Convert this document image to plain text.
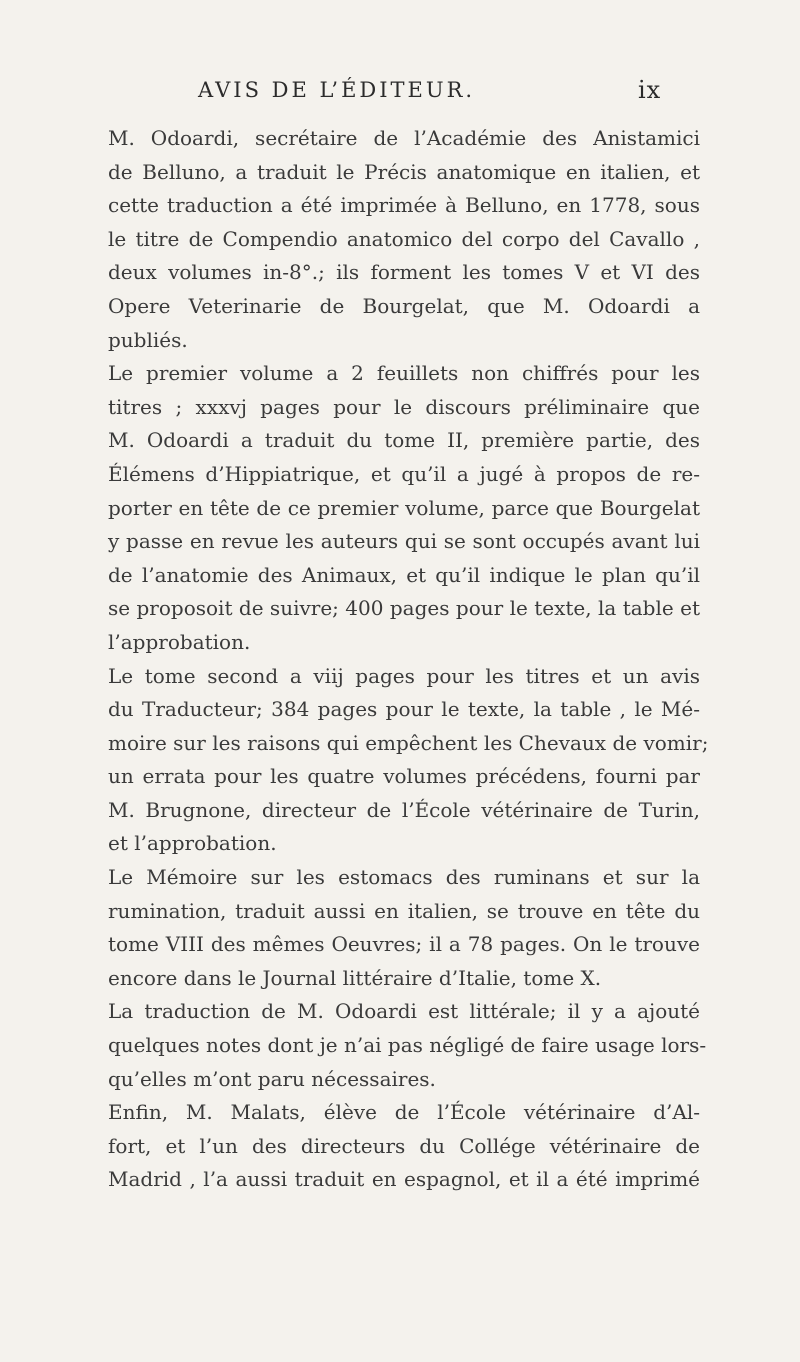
AVIS DE L’ÉDITEUR.	ix

M. Odoardi, secrétaire de l’Académie des Anistamici
de Belluno, a traduit le Précis anatomique en italien, et
cette traduction a été imprimée à Belluno, en 1778, sous
le titre de Compendio anatomico del corpo del Cavallo ,
deux volumes in-8°.; ils forment les tomes V et VI des
Opere Veterinarie de Bourgelat, que M. Odoardi a
publiés.

Le premier volume a 2 feuillets non chiffrés pour les
titres ; xxxvj pages pour le discours préliminaire que
M. Odoardi a traduit du tome II, première partie, des
Élémens d’Hippiatrique, et qu’il a jugé à propos de re-
porter en tête de ce premier volume, parce que Bourgelat
y passe en revue les auteurs qui se sont occupés avant lui
de l’anatomie des Animaux, et qu’il indique le plan qu’il
se proposoit de suivre; 400 pages pour le texte, la table et
l’approbation.

Le tome second a viij pages pour les titres et un avis
du Traducteur; 384 pages pour le texte, la table , le Mé-
moire sur les raisons qui empêchent les Chevaux de vomir;
un errata pour les quatre volumes précédens, fourni par
M. Brugnone, directeur de l’École vétérinaire de Turin,
et l’approbation.

Le Mémoire sur les estomacs des ruminans et sur la
rumination, traduit aussi en italien, se trouve en tête du
tome VIII des mêmes Oeuvres; il a 78 pages. On le trouve
encore dans le Journal littéraire d’Italie, tome X.

La traduction de M. Odoardi est littérale; il y a ajouté
quelques notes dont je n’ai pas négligé de faire usage lors-
qu’elles m’ont paru nécessaires.

Enfin, M. Malats, élève de l’École vétérinaire d’Al-
fort, et l’un des directeurs du Collége vétérinaire de
Madrid , l’a aussi traduit en espagnol, et il a été imprimé
